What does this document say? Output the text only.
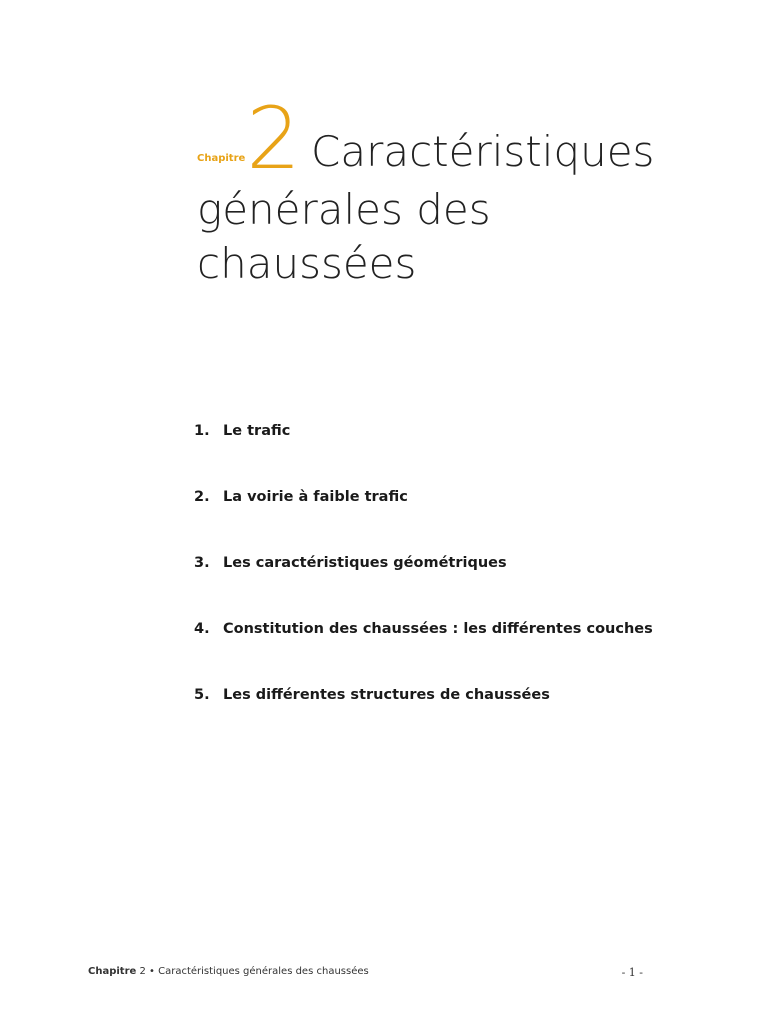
Chapitre 2 Caractéristiques
générales des
chaussées
1. Le trafic
2. La voirie à faible trafic
3. Les caractéristiques géométriques
4. Constitution des chaussées : les différentes couches
5. Les différentes structures de chaussées
Chapitre 2 • Caractéristiques générales des chaussées	- 1 -
